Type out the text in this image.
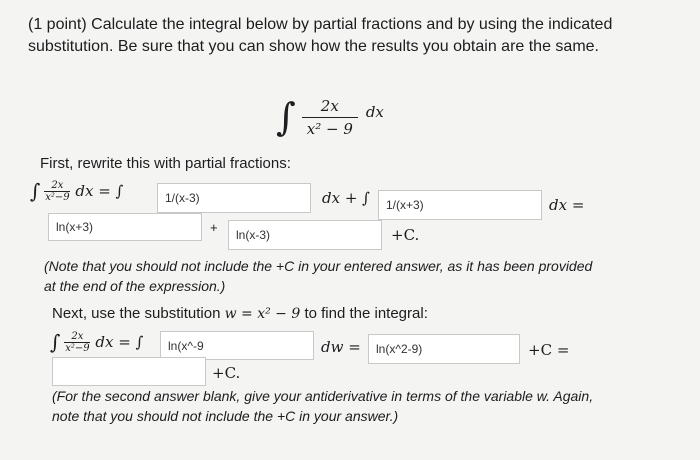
(1 point) Calculate the integral below by partial fractions and by using the indicated substitution. Be sure that you can show how the results you obtain are the same.
∫ $\frac{2x}{\text{x² − 9}}$ dx
First, rewrite this with partial fractions:
∫ $\frac{2x}{\text{x²−9}}$ dx = ∫	1/(x-3)	dx + ∫	1/(x+3)	dx =
ln(x+3)	+	ln(x-3)	+C.
(Note that you should not include the +C in your entered answer, as it has been provided at the end of the expression.)
Next, use the substitution w = x² − 9 to find the integral:
∫ $\frac{2x}{\text{x²−9}}$ dx = ∫	ln(x^-9	dw =	ln(x^2-9)	+C =
+C.
(For the second answer blank, give your antiderivative in terms of the variable w. Again, note that you should not include the +C in your answer.)
